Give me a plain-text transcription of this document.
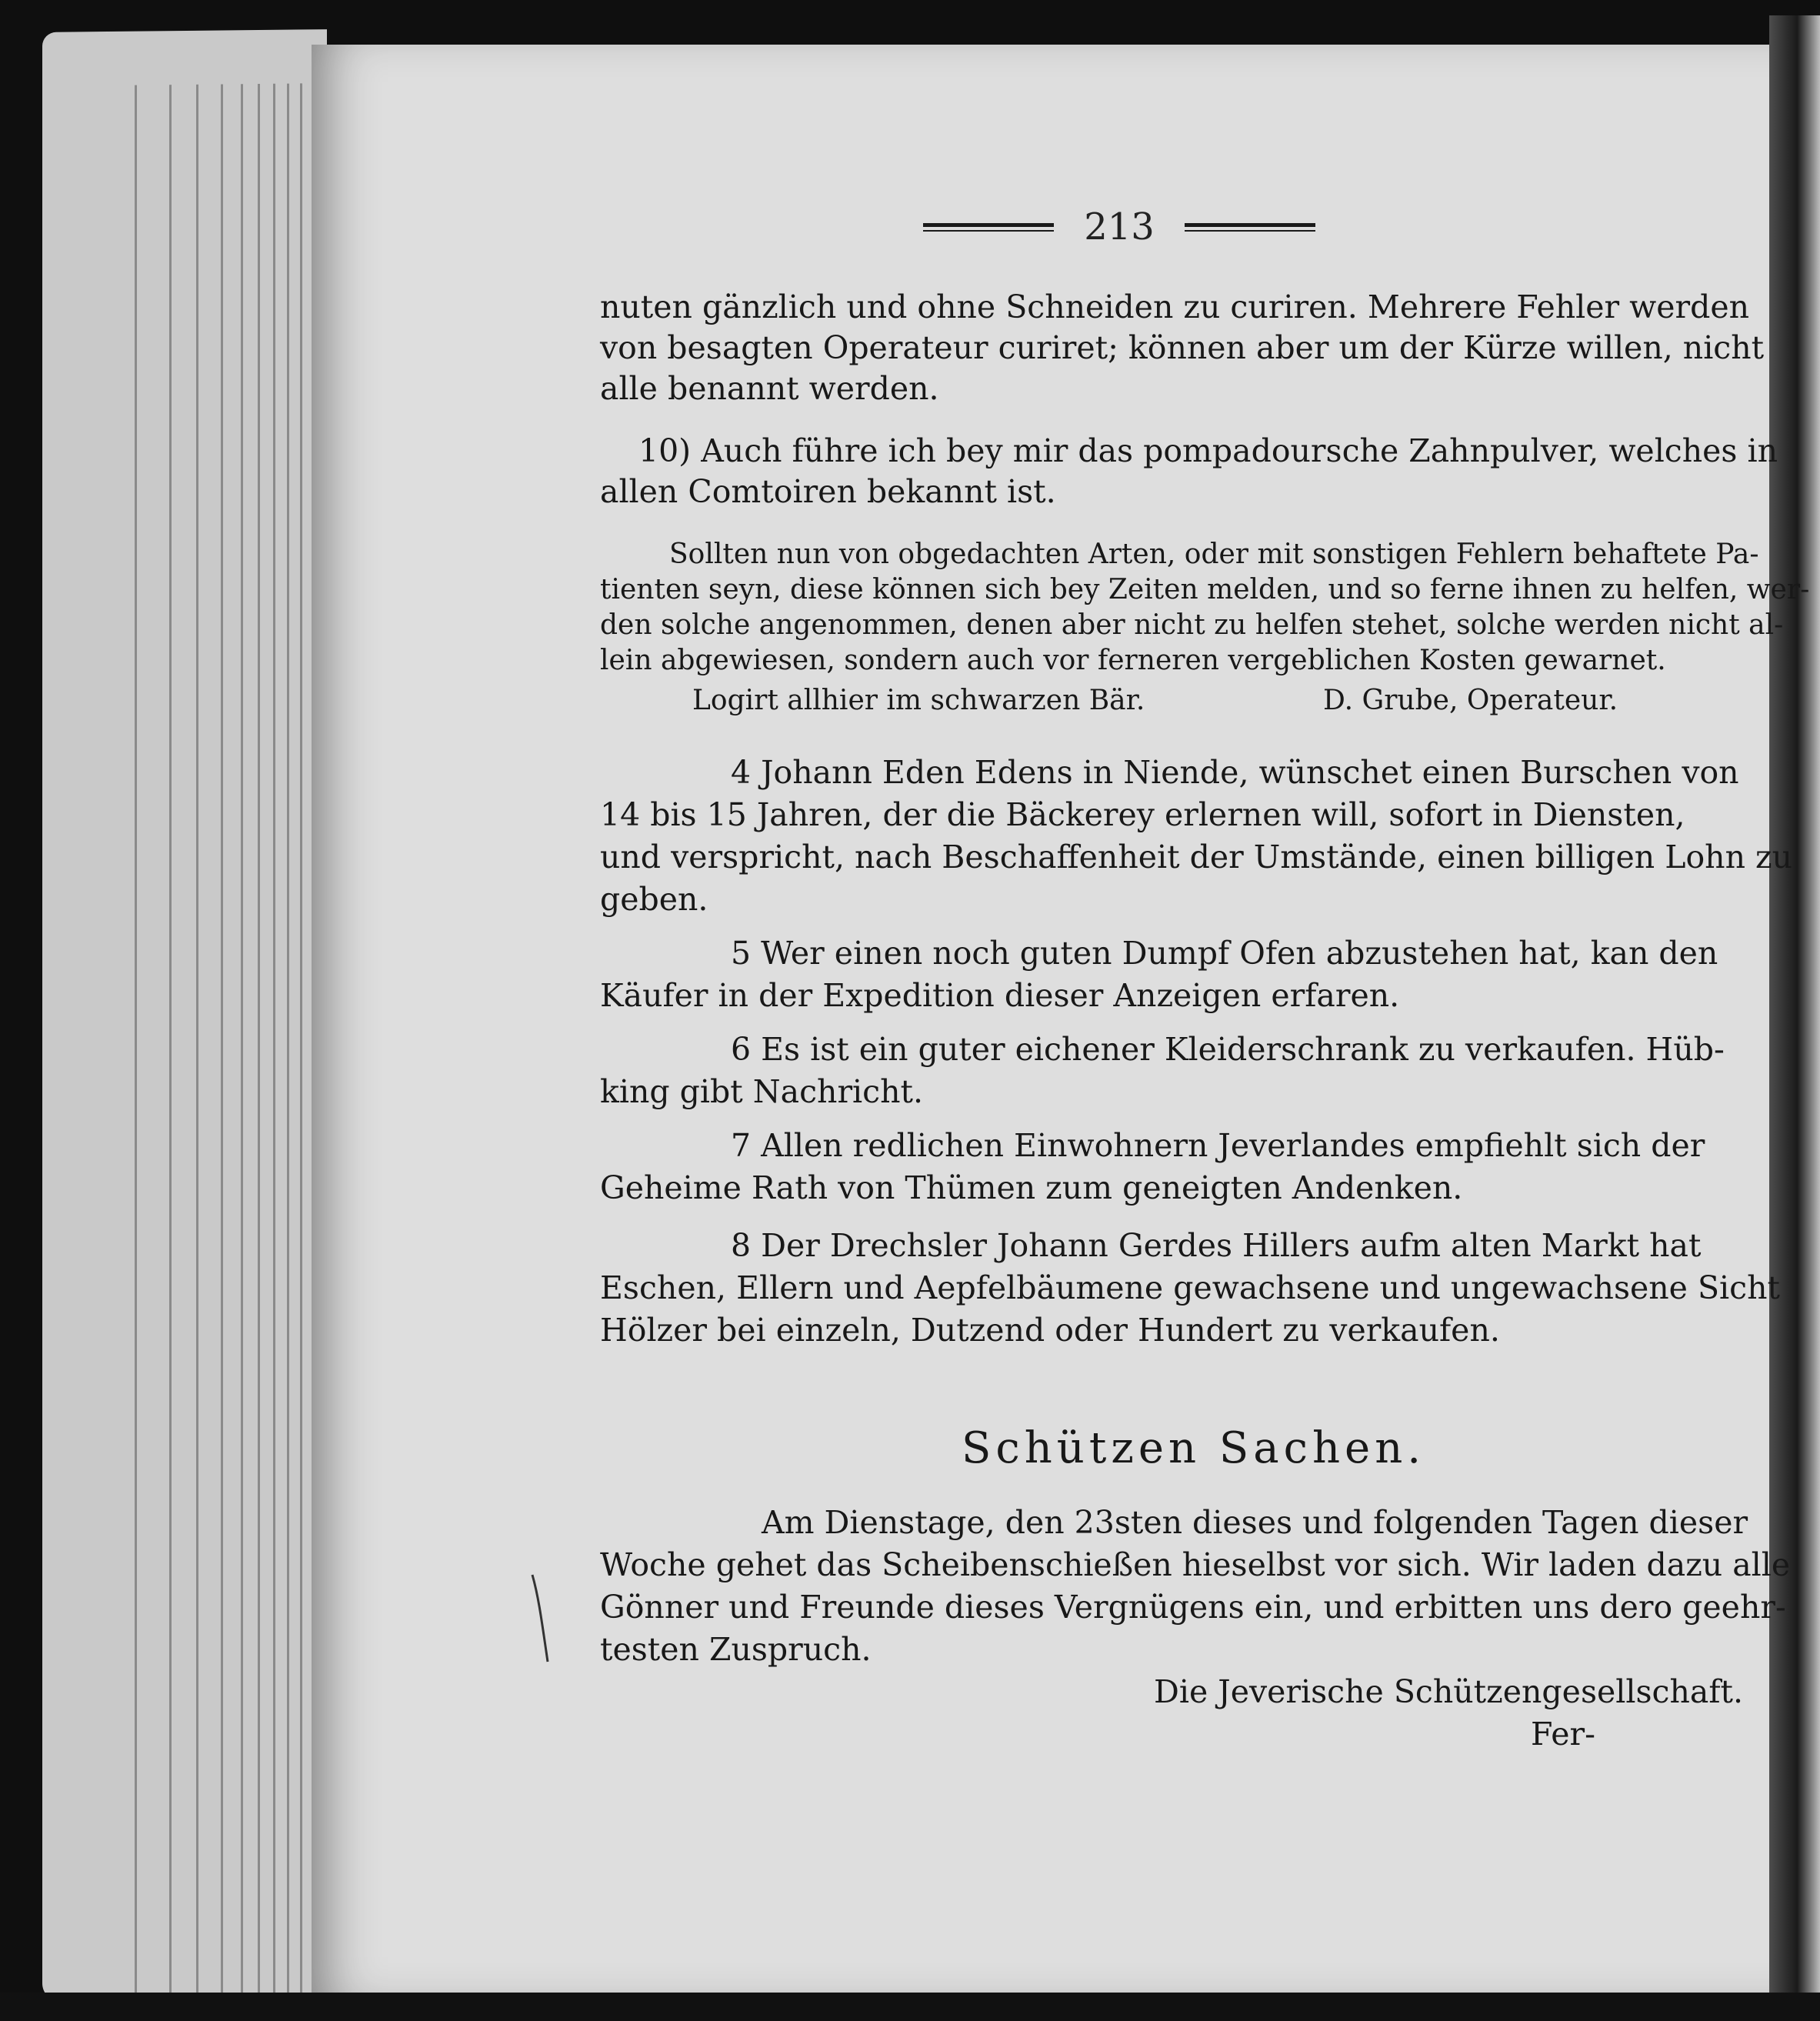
213
nuten gänzlich und ohne Schneiden zu curiren. Mehrere Fehler werden
von besagten Operateur curiret; können aber um der Kürze willen, nicht
alle benannt werden.
10) Auch führe ich bey mir das pompadoursche Zahnpulver, welches in
allen Comtoiren bekannt ist.
Sollten nun von obgedachten Arten, oder mit sonstigen Fehlern behaftete Pa-
tienten seyn, diese können sich bey Zeiten melden, und so ferne ihnen zu helfen, wer-
den solche angenommen, denen aber nicht zu helfen stehet, solche werden nicht al-
lein abgewiesen, sondern auch vor ferneren vergeblichen Kosten gewarnet.
Logirt allhier im schwarzen Bär.	D. Grube, Operateur.
4 Johann Eden Edens in Niende, wünschet einen Burschen von
14 bis 15 Jahren, der die Bäckerey erlernen will, sofort in Diensten,
und verspricht, nach Beschaffenheit der Umstände, einen billigen Lohn zu
geben.
5 Wer einen noch guten Dumpf Ofen abzustehen hat, kan den
Käufer in der Expedition dieser Anzeigen erfaren.
6 Es ist ein guter eichener Kleiderschrank zu verkaufen. Hüb-
king gibt Nachricht.
7 Allen redlichen Einwohnern Jeverlandes empfiehlt sich der
Geheime Rath von Thümen zum geneigten Andenken.
8 Der Drechsler Johann Gerdes Hillers aufm alten Markt hat
Eschen, Ellern und Aepfelbäumene gewachsene und ungewachsene Sicht
Hölzer bei einzeln, Dutzend oder Hundert zu verkaufen.
Schützen Sachen.
Am Dienstage, den 23sten dieses und folgenden Tagen dieser
Woche gehet das Scheibenschießen hieselbst vor sich. Wir laden dazu alle
Gönner und Freunde dieses Vergnügens ein, und erbitten uns dero geehr-
testen Zuspruch.
Die Jeverische Schützengesellschaft.
Fer-
